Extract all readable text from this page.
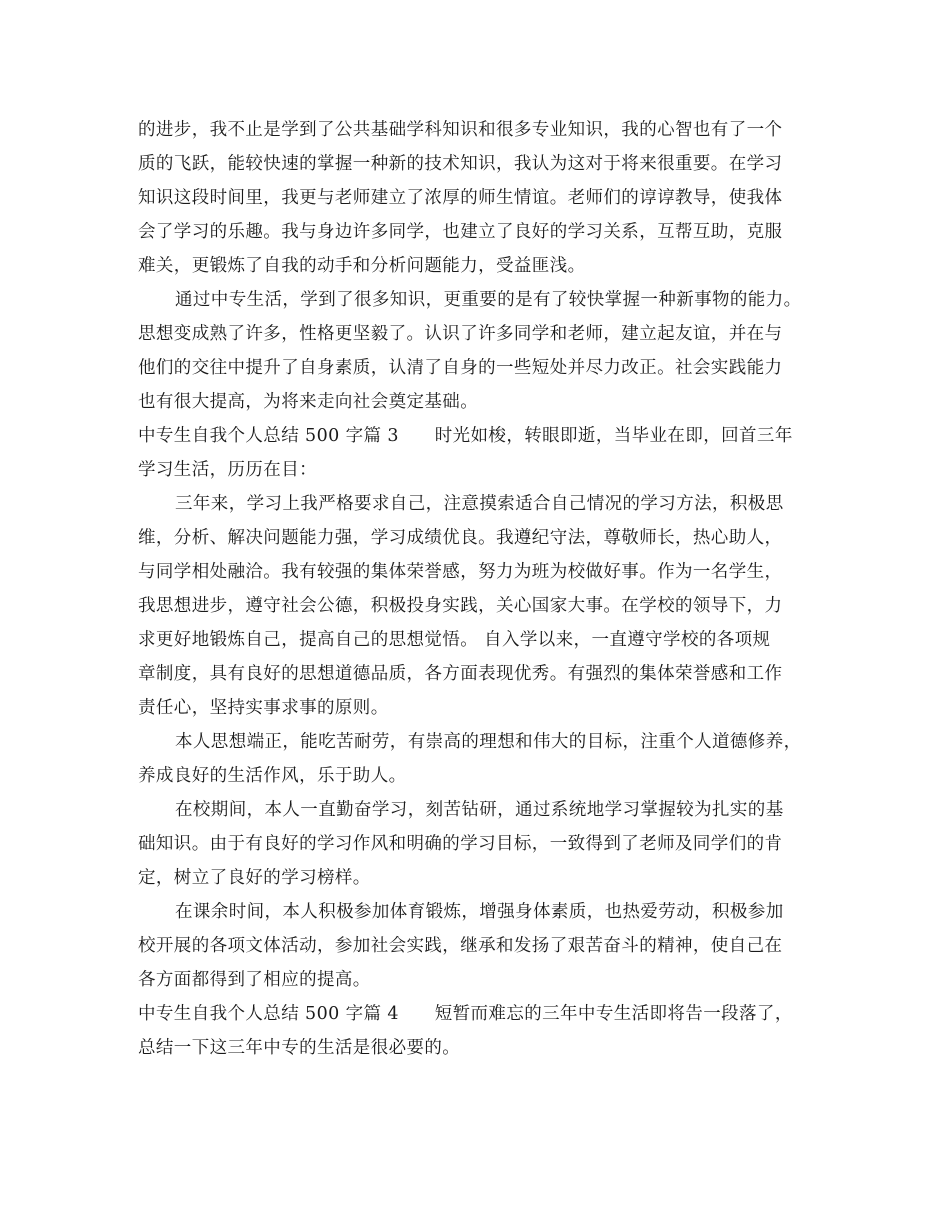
的进步，我不止是学到了公共基础学科知识和很多专业知识，我的心智也有了一个
质的飞跃，能较快速的掌握一种新的技术知识，我认为这对于将来很重要。在学习
知识这段时间里，我更与老师建立了浓厚的师生情谊。老师们的谆谆教导，使我体
会了学习的乐趣。我与身边许多同学，也建立了良好的学习关系，互帮互助，克服
难关，更锻炼了自我的动手和分析问题能力，受益匪浅。
通过中专生活，学到了很多知识，更重要的是有了较快掌握一种新事物的能力。
思想变成熟了许多，性格更坚毅了。认识了许多同学和老师，建立起友谊，并在与
他们的交往中提升了自身素质，认清了自身的一些短处并尽力改正。社会实践能力
也有很大提高，为将来走向社会奠定基础。
中专生自我个人总结 500 字篇 3　　时光如梭，转眼即逝，当毕业在即，回首三年
学习生活，历历在目：
三年来，学习上我严格要求自己，注意摸索适合自己情况的学习方法，积极思
维，分析、解决问题能力强，学习成绩优良。我遵纪守法，尊敬师长，热心助人，
与同学相处融洽。我有较强的集体荣誉感，努力为班为校做好事。作为一名学生，
我思想进步，遵守社会公德，积极投身实践，关心国家大事。在学校的领导下，力
求更好地锻炼自己，提高自己的思想觉悟。 自入学以来，一直遵守学校的各项规
章制度，具有良好的思想道德品质，各方面表现优秀。有强烈的集体荣誉感和工作
责任心，坚持实事求事的原则。
本人思想端正，能吃苦耐劳，有崇高的理想和伟大的目标，注重个人道德修养，
养成良好的生活作风，乐于助人。
在校期间，本人一直勤奋学习，刻苦钻研，通过系统地学习掌握较为扎实的基
础知识。由于有良好的学习作风和明确的学习目标，一致得到了老师及同学们的肯
定，树立了良好的学习榜样。
在课余时间，本人积极参加体育锻炼，增强身体素质，也热爱劳动，积极参加
校开展的各项文体活动，参加社会实践，继承和发扬了艰苦奋斗的精神，使自己在
各方面都得到了相应的提高。
中专生自我个人总结 500 字篇 4　　短暂而难忘的三年中专生活即将告一段落了，
总结一下这三年中专的生活是很必要的。
